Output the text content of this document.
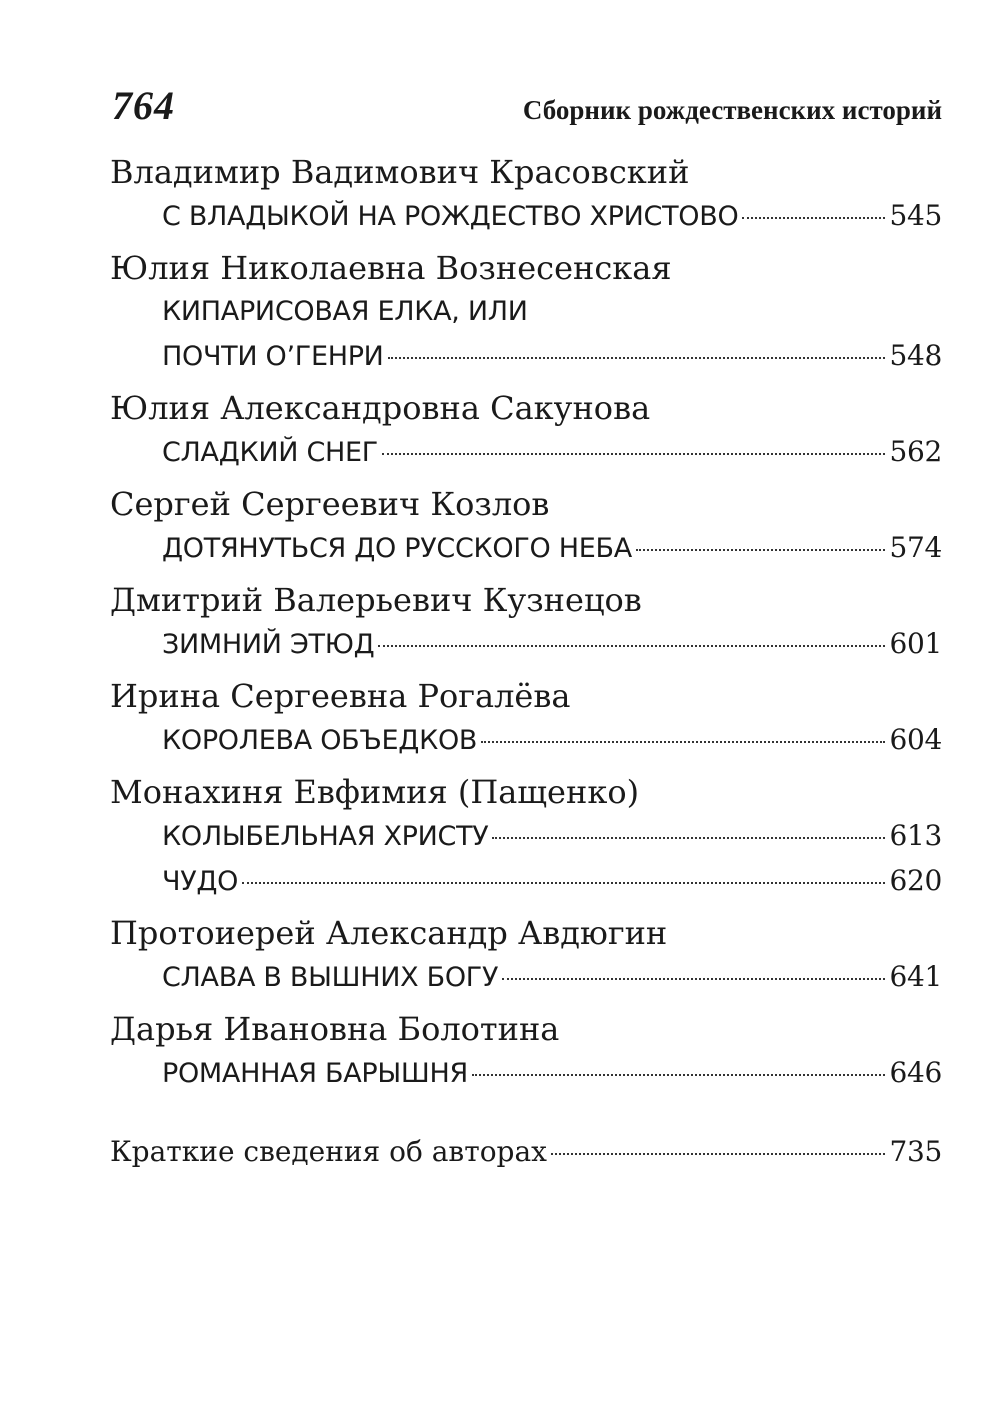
764	Сборник рождественских историй
Владимир Вадимович Красовский
С ВЛАДЫКОЙ НА РОЖДЕСТВО ХРИСТОВО	545
Юлия Николаевна Вознесенская
КИПАРИСОВАЯ ЕЛКА, ИЛИ
ПОЧТИ О’ГЕНРИ	548
Юлия Александровна Сакунова
СЛАДКИЙ СНЕГ	562
Сергей Сергеевич Козлов
ДОТЯНУТЬСЯ ДО РУССКОГО НЕБА	574
Дмитрий Валерьевич Кузнецов
ЗИМНИЙ ЭТЮД	601
Ирина Сергеевна Рогалёва
КОРОЛЕВА ОБЪЕДКОВ	604
Монахиня Евфимия (Пащенко)
КОЛЫБЕЛЬНАЯ ХРИСТУ	613
ЧУДО	620
Протоиерей Александр Авдюгин
СЛАВА В ВЫШНИХ БОГУ	641
Дарья Ивановна Болотина
РОМАННАЯ БАРЫШНЯ	646
Краткие сведения об авторах	735
